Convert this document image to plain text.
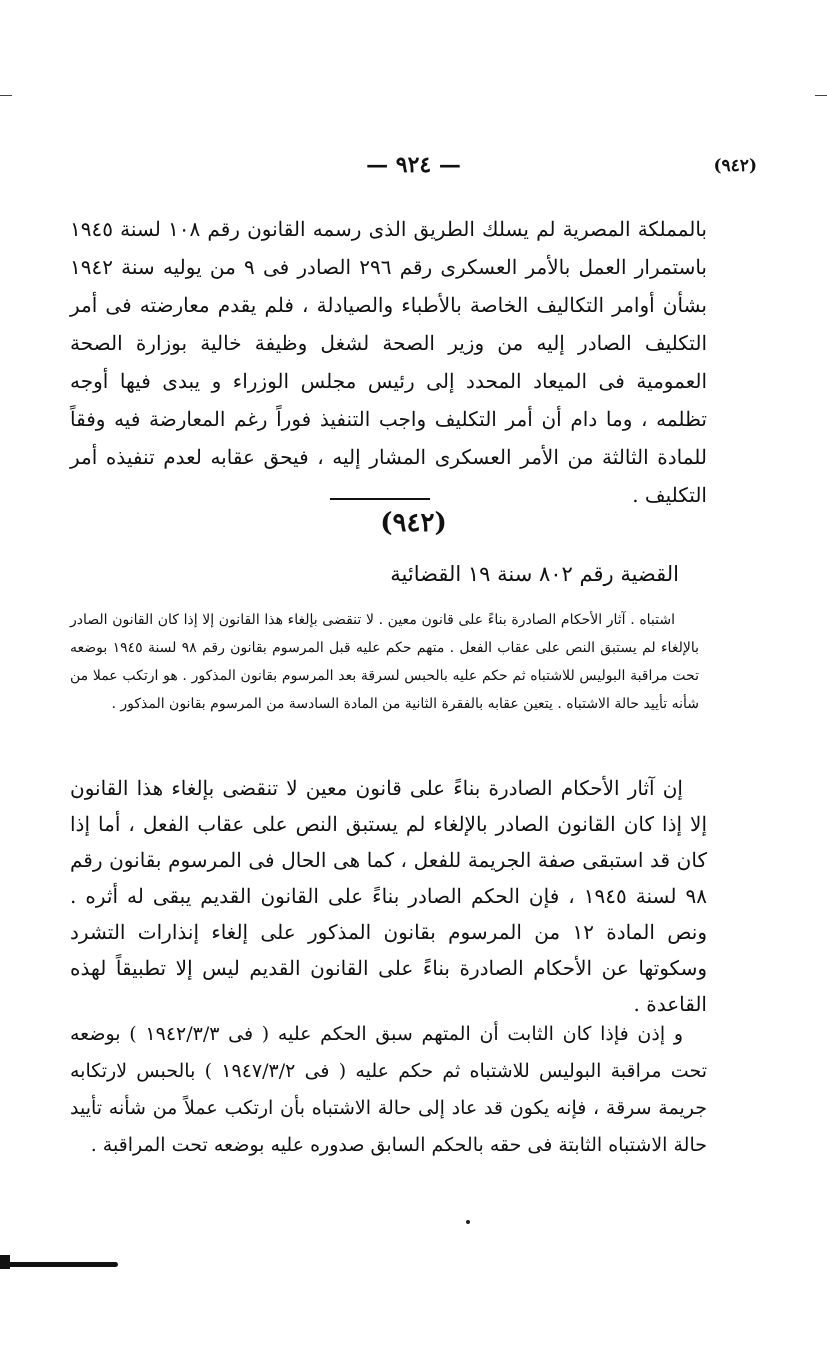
— ٩٢٤ —	(٩٤٢)
بالمملكة المصرية لم يسلك الطريق الذى رسمه القانون رقم ١٠٨ لسنة ١٩٤٥ باستمرار العمل بالأمر العسكرى رقم ٢٩٦ الصادر فى ٩ من يوليه سنة ١٩٤٢ بشأن أوامر التكاليف الخاصة بالأطباء والصيادلة ، فلم يقدم معارضته فى أمر التكليف الصادر إليه من وزير الصحة لشغل وظيفة خالية بوزارة الصحة العمومية فى الميعاد المحدد إلى رئيس مجلس الوزراء و يبدى فيها أوجه تظلمه ، وما دام أن أمر التكليف واجب التنفيذ فوراً رغم المعارضة فيه وفقاً للمادة الثالثة من الأمر العسكرى المشار إليه ، فيحق عقابه لعدم تنفيذه أمر التكليف .
(٩٤٢)
القضية رقم ٨٠٢ سنة ١٩ القضائية
اشتباه . آثار الأحكام الصادرة بناءً على قانون معين . لا تنقضى بإلغاء هذا القانون إلا إذا كان القانون الصادر بالإلغاء لم يستبق النص على عقاب الفعل . متهم حكم عليه قبل المرسوم بقانون رقم ٩٨ لسنة ١٩٤٥ بوضعه تحت مراقبة البوليس للاشتباه ثم حكم عليه بالحبس لسرقة بعد المرسوم بقانون المذكور . هو ارتكب عملا من شأنه تأييد حالة الاشتباه . يتعين عقابه بالفقرة الثانية من المادة السادسة من المرسوم بقانون المذكور .
إن آثار الأحكام الصادرة بناءً على قانون معين لا تنقضى بإلغاء هذا القانون إلا إذا كان القانون الصادر بالإلغاء لم يستبق النص على عقاب الفعل ، أما إذا كان قد استبقى صفة الجريمة للفعل ، كما هى الحال فى المرسوم بقانون رقم ٩٨ لسنة ١٩٤٥ ، فإن الحكم الصادر بناءً على القانون القديم يبقى له أثره . ونص المادة ١٢ من المرسوم بقانون المذكور على إلغاء إنذارات التشرد وسكوتها عن الأحكام الصادرة بناءً على القانون القديم ليس إلا تطبيقاً لهذه القاعدة .
و إذن فإذا كان الثابت أن المتهم سبق الحكم عليه ( فى ١٩٤٢/٣/٣ ) بوضعه تحت مراقبة البوليس للاشتباه ثم حكم عليه ( فى ١٩٤٧/٣/٢ ) بالحبس لارتكابه جريمة سرقة ، فإنه يكون قد عاد إلى حالة الاشتباه بأن ارتكب عملاً من شأنه تأييد حالة الاشتباه الثابتة فى حقه بالحكم السابق صدوره عليه بوضعه تحت المراقبة .
